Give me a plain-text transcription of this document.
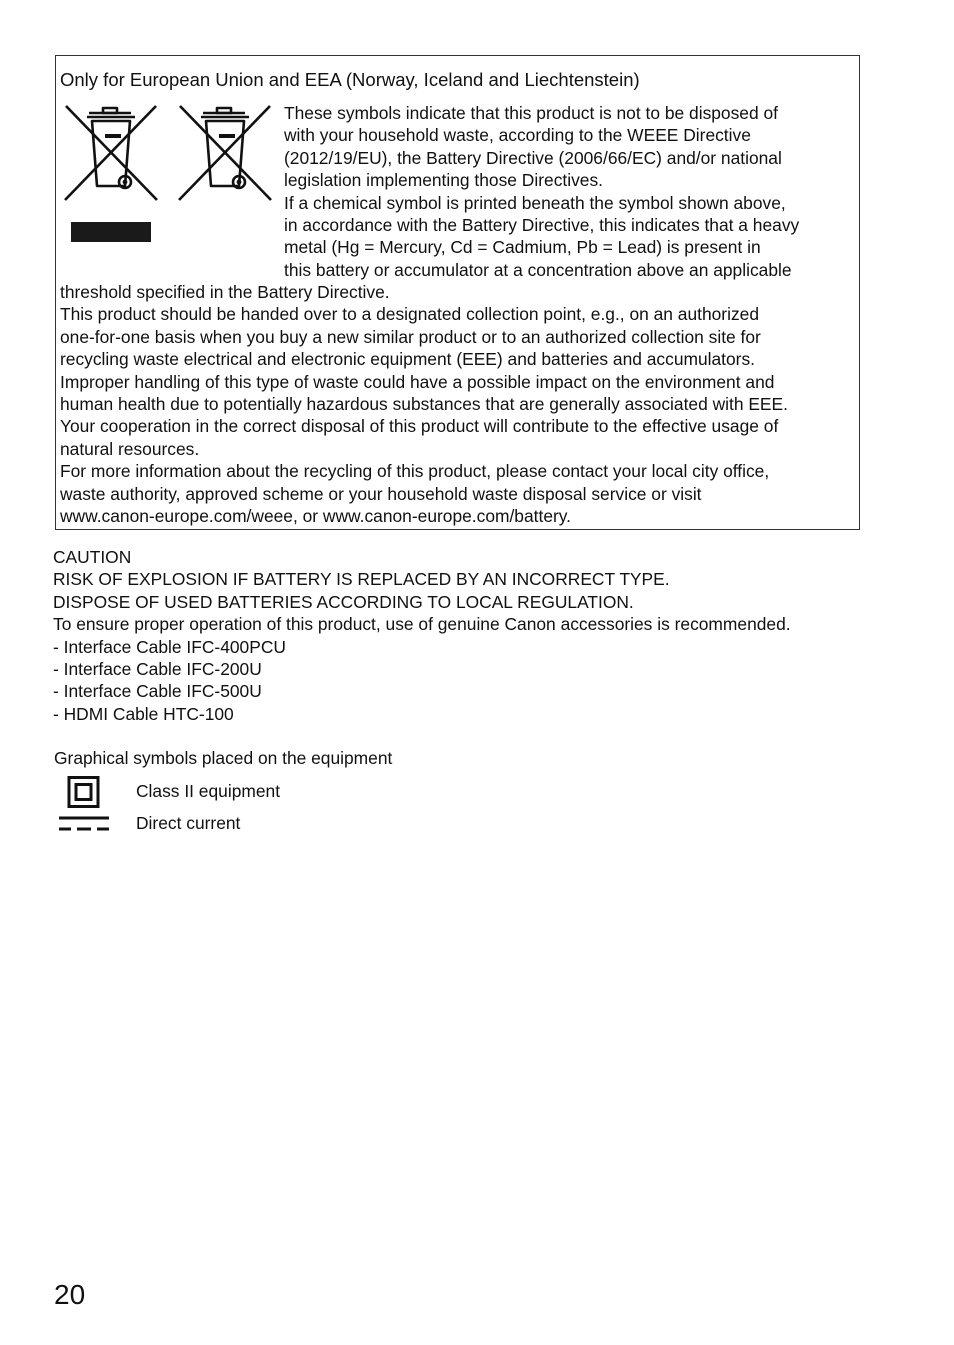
Only for European Union and EEA (Norway, Iceland and Liechtenstein)
These symbols indicate that this product is not to be disposed of
with your household waste, according to the WEEE Directive
(2012/19/EU), the Battery Directive (2006/66/EC) and/or national
legislation implementing those Directives.
If a chemical symbol is printed beneath the symbol shown above,
in accordance with the Battery Directive, this indicates that a heavy
metal (Hg = Mercury, Cd = Cadmium, Pb = Lead) is present in
this battery or accumulator at a concentration above an applicable
threshold specified in the Battery Directive.
This product should be handed over to a designated collection point, e.g., on an authorized
one-for-one basis when you buy a new similar product or to an authorized collection site for
recycling waste electrical and electronic equipment (EEE) and batteries and accumulators.
Improper handling of this type of waste could have a possible impact on the environment and
human health due to potentially hazardous substances that are generally associated with EEE.
Your cooperation in the correct disposal of this product will contribute to the effective usage of
natural resources.
For more information about the recycling of this product, please contact your local city office,
waste authority, approved scheme or your household waste disposal service or visit
www.canon-europe.com/weee, or www.canon-europe.com/battery.
CAUTION
RISK OF EXPLOSION IF BATTERY IS REPLACED BY AN INCORRECT TYPE.
DISPOSE OF USED BATTERIES ACCORDING TO LOCAL REGULATION.
To ensure proper operation of this product, use of genuine Canon accessories is recommended.
- Interface Cable IFC-400PCU
- Interface Cable IFC-200U
- Interface Cable IFC-500U
- HDMI Cable HTC-100
Graphical symbols placed on the equipment
Class II equipment
Direct current
20
